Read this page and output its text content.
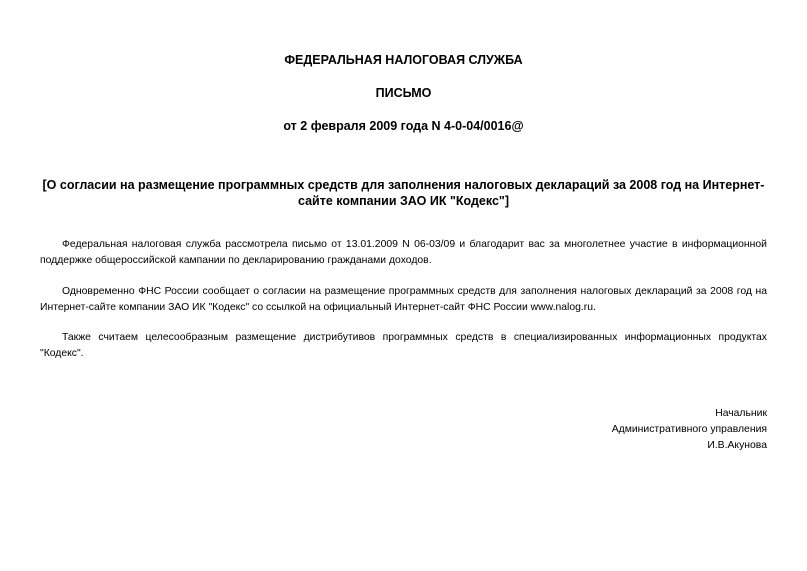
ФЕДЕРАЛЬНАЯ НАЛОГОВАЯ СЛУЖБА

ПИСЬМО

от 2 февраля 2009 года N 4-0-04/0016@

[О согласии на размещение программных средств для заполнения налоговых деклараций за 2008 год на Интернет-сайте компании ЗАО ИК "Кодекс"]

Федеральная налоговая служба рассмотрела письмо от 13.01.2009 N 06-03/09 и благодарит вас за многолетнее участие в информационной поддержке общероссийской кампании по декларированию гражданами доходов.

Одновременно ФНС России сообщает о согласии на размещение программных средств для заполнения налоговых деклараций за 2008 год на Интернет-сайте компании ЗАО ИК "Кодекс" со ссылкой на официальный Интернет-сайт ФНС России www.nalog.ru.

Также считаем целесообразным размещение дистрибутивов программных средств в специализированных информационных продуктах "Кодекс".

Начальник
Административного управления
И.В.Акунова
